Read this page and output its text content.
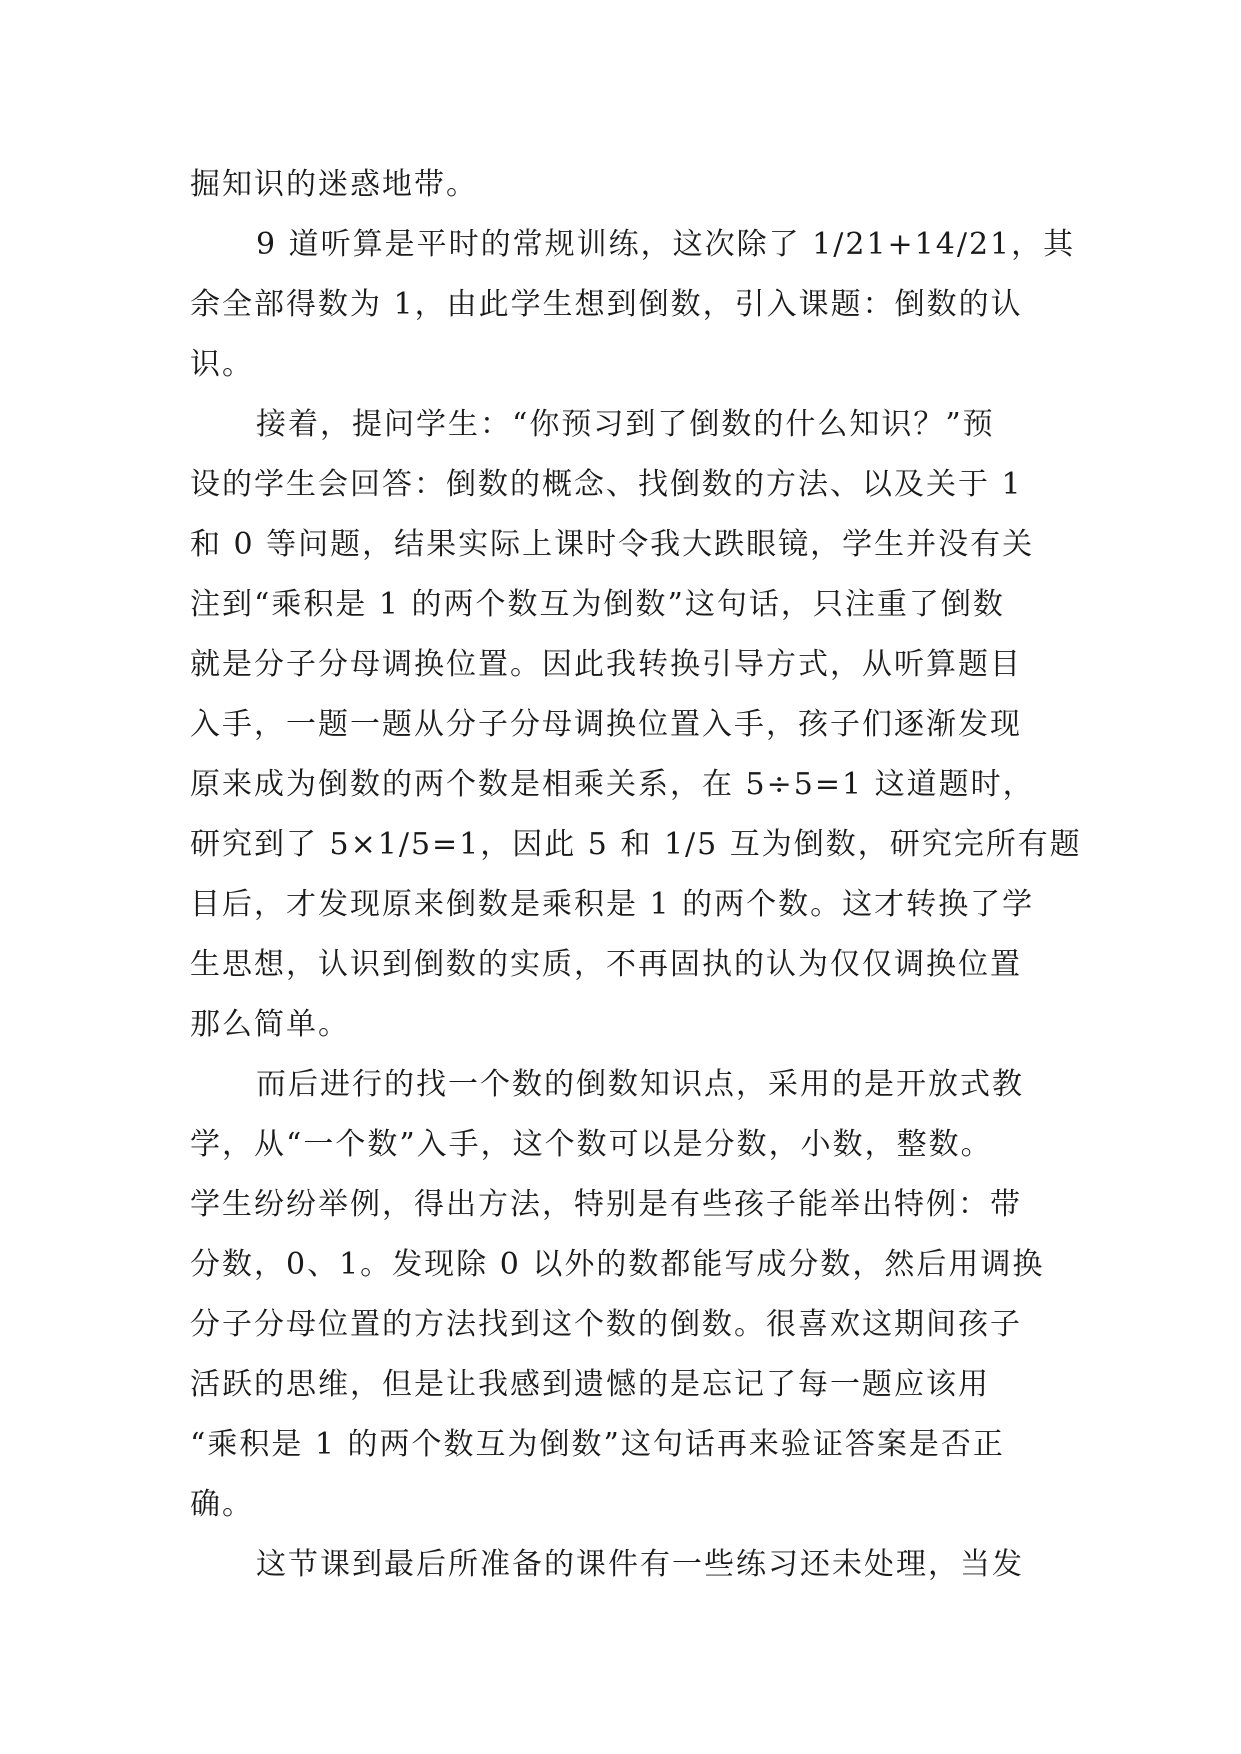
掘知识的迷惑地带。
9 道听算是平时的常规训练，这次除了 1/21+14/21，其
余全部得数为 1，由此学生想到倒数，引入课题：倒数的认
识。
接着，提问学生：“你预习到了倒数的什么知识？”预
设的学生会回答：倒数的概念、找倒数的方法、以及关于 1
和 0 等问题，结果实际上课时令我大跌眼镜，学生并没有关
注到“乘积是 1 的两个数互为倒数”这句话，只注重了倒数
就是分子分母调换位置。因此我转换引导方式，从听算题目
入手，一题一题从分子分母调换位置入手，孩子们逐渐发现
原来成为倒数的两个数是相乘关系，在 5÷5=1 这道题时，
研究到了 5×1/5=1，因此 5 和 1/5 互为倒数，研究完所有题
目后，才发现原来倒数是乘积是 1 的两个数。这才转换了学
生思想，认识到倒数的实质，不再固执的认为仅仅调换位置
那么简单。
而后进行的找一个数的倒数知识点，采用的是开放式教
学，从“一个数”入手，这个数可以是分数，小数，整数。
学生纷纷举例，得出方法，特别是有些孩子能举出特例：带
分数，0、1。发现除 0 以外的数都能写成分数，然后用调换
分子分母位置的方法找到这个数的倒数。很喜欢这期间孩子
活跃的思维，但是让我感到遗憾的是忘记了每一题应该用
“乘积是 1 的两个数互为倒数”这句话再来验证答案是否正
确。
这节课到最后所准备的课件有一些练习还未处理，当发
